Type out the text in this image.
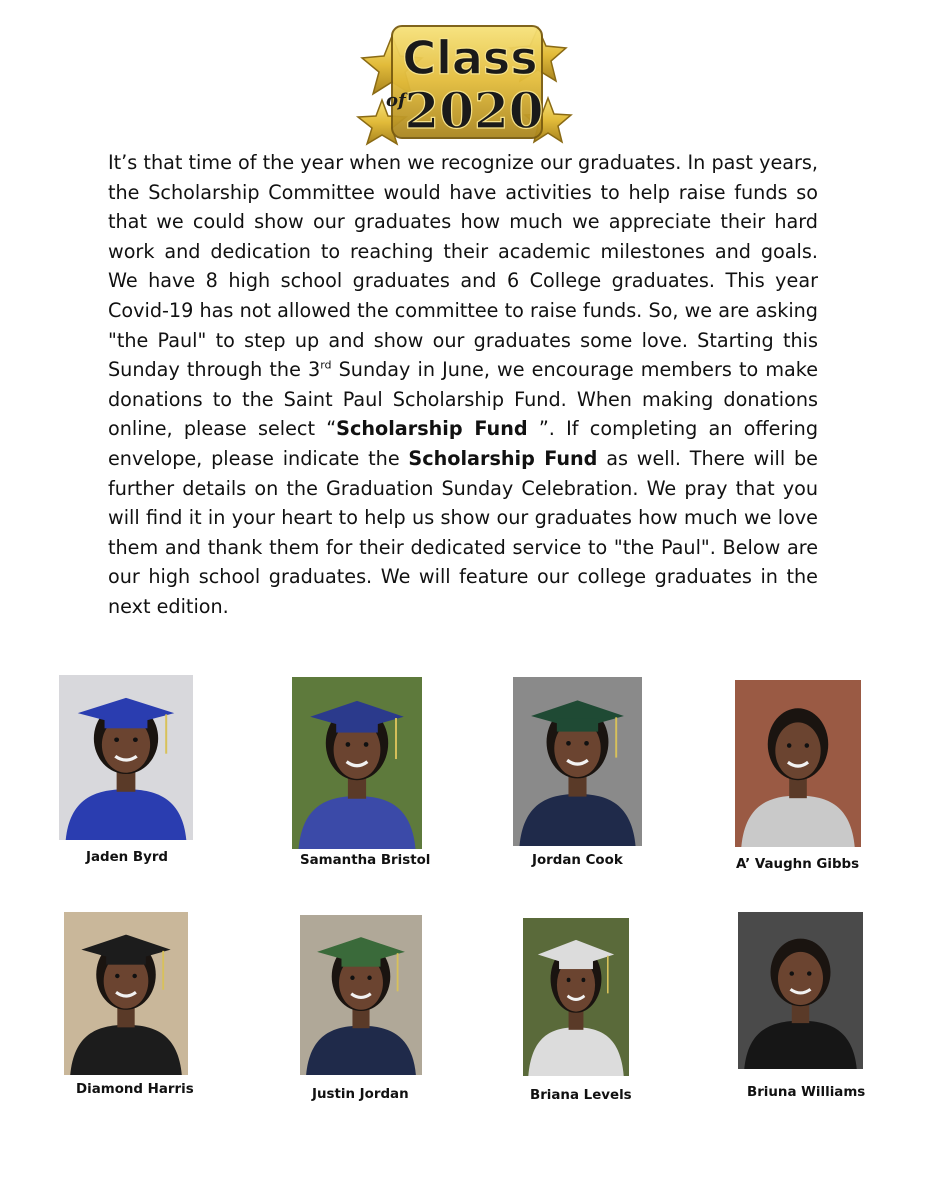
Class
of
2020

It’s that time of the year when we recognize our graduates. In past years, the Scholarship Committee would have activities to help raise funds so that we could show our graduates how much we appreciate their hard work and dedication to reaching their academic milestones and goals. We have 8 high school graduates and 6 College graduates. This year Covid-19 has not allowed the committee to raise funds. So, we are asking "the Paul" to step up and show our graduates some love. Starting this Sunday through the 3rd Sunday in June, we encourage members to make donations to the Saint Paul Scholarship Fund. When making donations online, please select “Scholarship Fund ”. If completing an offering envelope, please indicate the Scholarship Fund as well. There will be further details on the Graduation Sunday Celebration. We pray that you will find it in your heart to help us show our graduates how much we love them and thank them for their dedicated service to "the Paul". Below are our high school graduates. We will feature our college graduates in the next edition.

Jaden Byrd	Samantha Bristol	Jordan Cook	A’ Vaughn Gibbs
Diamond Harris	Justin Jordan	Briana Levels	Briuna Williams
